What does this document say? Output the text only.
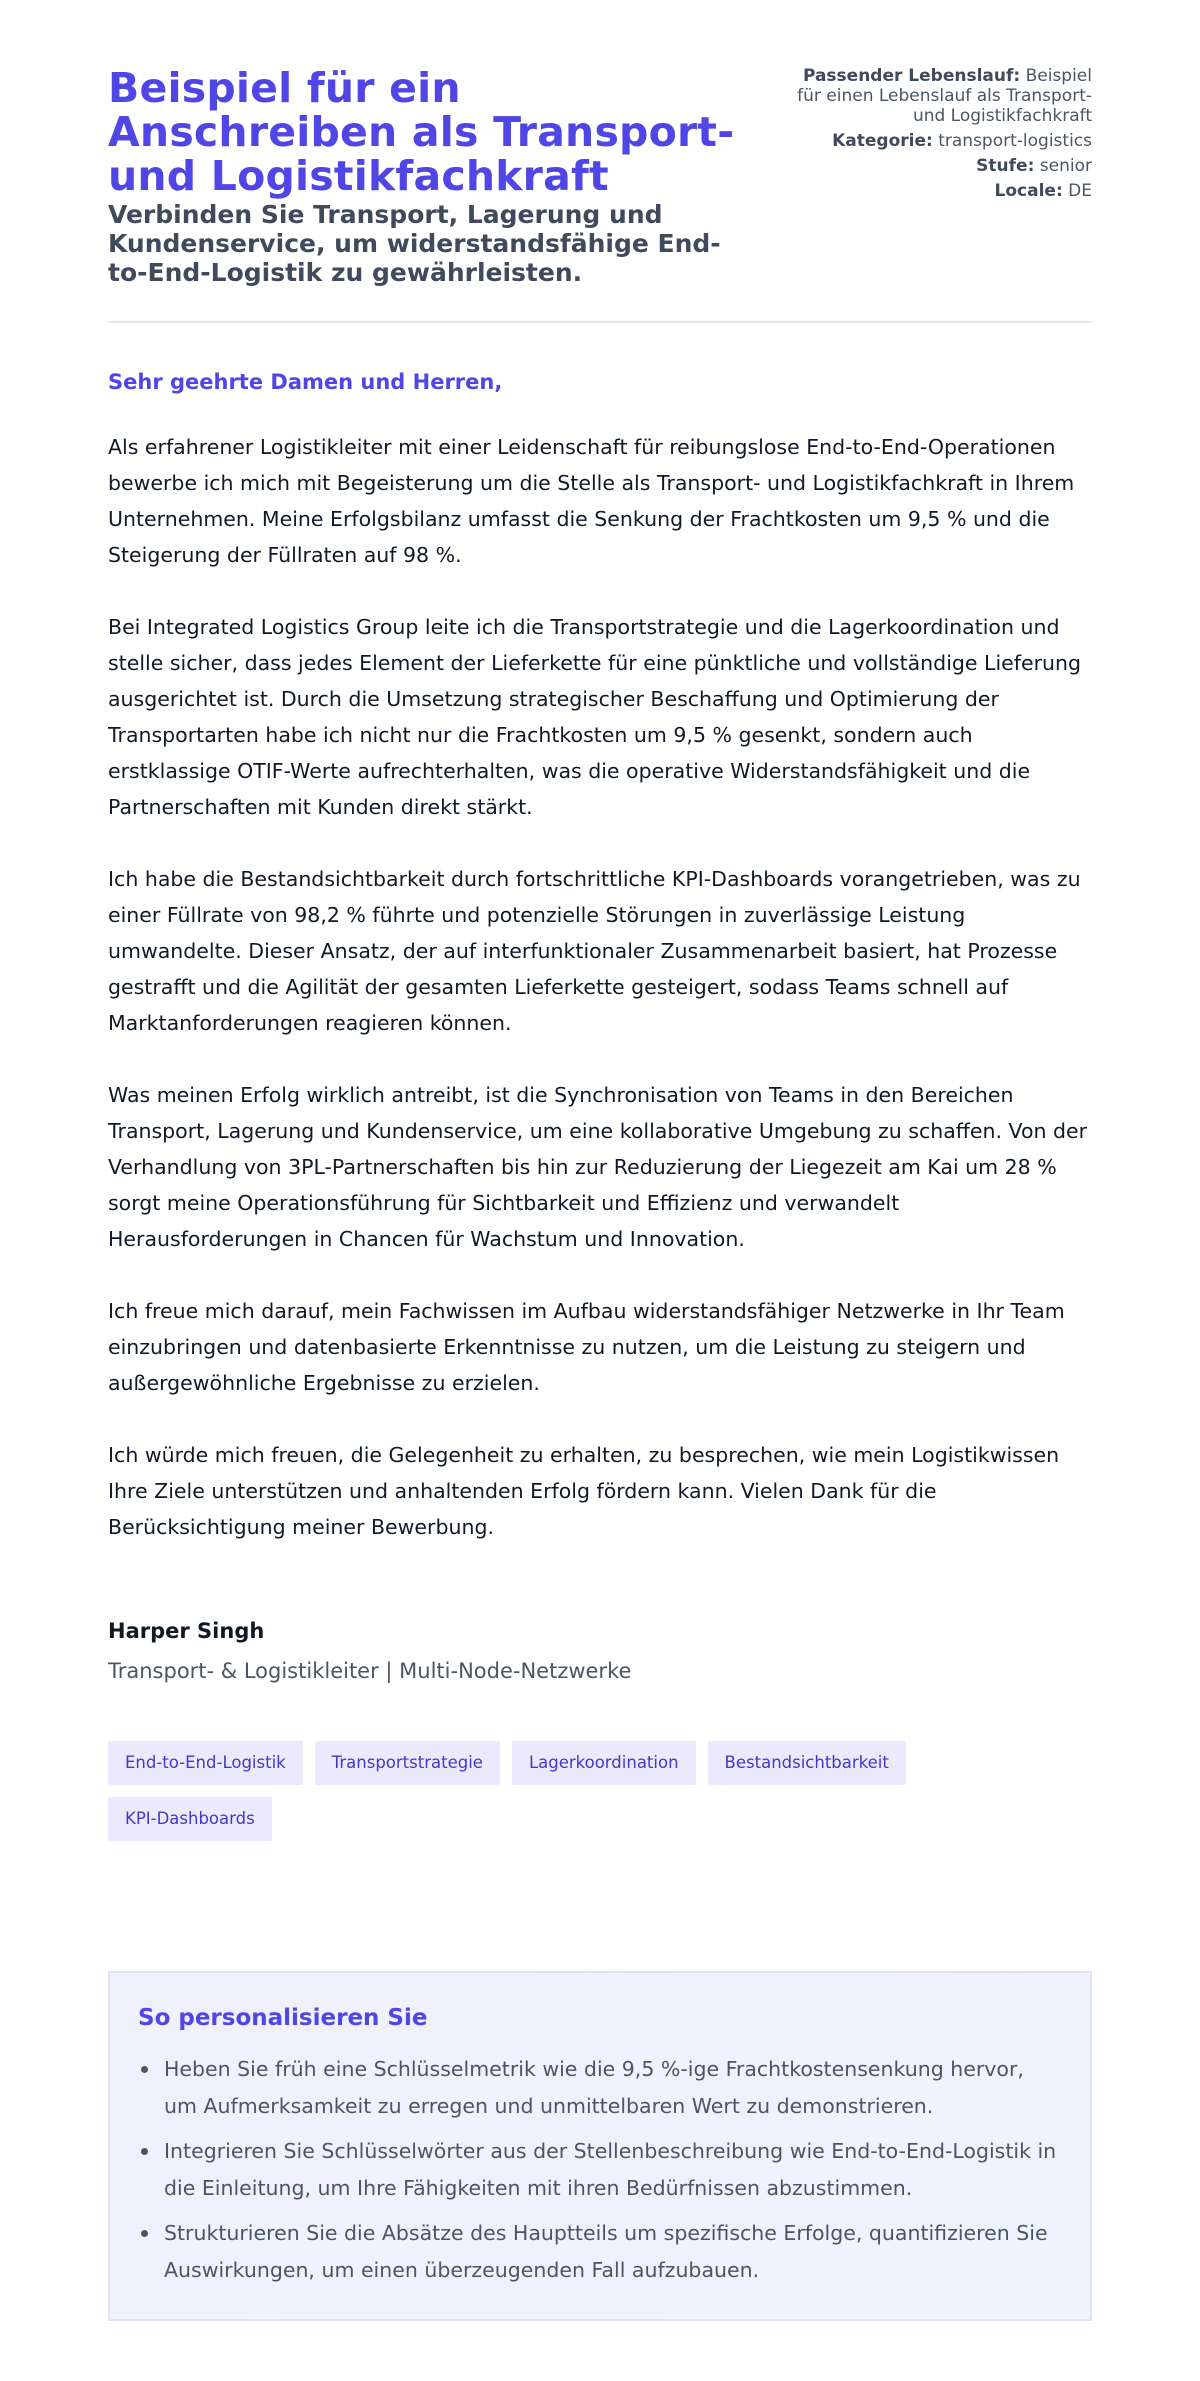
Beispiel für ein Anschreiben als Transport- und Logistikfachkraft
Verbinden Sie Transport, Lagerung und Kundenservice, um widerstandsfähige End-to-End-Logistik zu gewährleisten.
Passender Lebenslauf: Beispiel für einen Lebenslauf als Transport- und Logistikfachkraft
Kategorie: transport-logistics
Stufe: senior
Locale: DE

Sehr geehrte Damen und Herren,

Als erfahrener Logistikleiter mit einer Leidenschaft für reibungslose End-to-End-Operationen bewerbe ich mich mit Begeisterung um die Stelle als Transport- und Logistikfachkraft in Ihrem Unternehmen. Meine Erfolgsbilanz umfasst die Senkung der Frachtkosten um 9,5 % und die Steigerung der Füllraten auf 98 %.

Bei Integrated Logistics Group leite ich die Transportstrategie und die Lagerkoordination und stelle sicher, dass jedes Element der Lieferkette für eine pünktliche und vollständige Lieferung ausgerichtet ist. Durch die Umsetzung strategischer Beschaffung und Optimierung der Transportarten habe ich nicht nur die Frachtkosten um 9,5 % gesenkt, sondern auch erstklassige OTIF-Werte aufrechterhalten, was die operative Widerstandsfähigkeit und die Partnerschaften mit Kunden direkt stärkt.

Ich habe die Bestandsichtbarkeit durch fortschrittliche KPI-Dashboards vorangetrieben, was zu einer Füllrate von 98,2 % führte und potenzielle Störungen in zuverlässige Leistung umwandelte. Dieser Ansatz, der auf interfunktionaler Zusammenarbeit basiert, hat Prozesse gestrafft und die Agilität der gesamten Lieferkette gesteigert, sodass Teams schnell auf Marktanforderungen reagieren können.

Was meinen Erfolg wirklich antreibt, ist die Synchronisation von Teams in den Bereichen Transport, Lagerung und Kundenservice, um eine kollaborative Umgebung zu schaffen. Von der Verhandlung von 3PL-Partnerschaften bis hin zur Reduzierung der Liegezeit am Kai um 28 % sorgt meine Operationsführung für Sichtbarkeit und Effizienz und verwandelt Herausforderungen in Chancen für Wachstum und Innovation.

Ich freue mich darauf, mein Fachwissen im Aufbau widerstandsfähiger Netzwerke in Ihr Team einzubringen und datenbasierte Erkenntnisse zu nutzen, um die Leistung zu steigern und außergewöhnliche Ergebnisse zu erzielen.

Ich würde mich freuen, die Gelegenheit zu erhalten, zu besprechen, wie mein Logistikwissen Ihre Ziele unterstützen und anhaltenden Erfolg fördern kann. Vielen Dank für die Berücksichtigung meiner Bewerbung.

Harper Singh
Transport- & Logistikleiter | Multi-Node-Netzwerke
End-to-End-Logistik	Transportstrategie	Lagerkoordination	Bestandsichtbarkeit
KPI-Dashboards
So personalisieren Sie
Heben Sie früh eine Schlüsselmetrik wie die 9,5 %-ige Frachtkostensenkung hervor, um Aufmerksamkeit zu erregen und unmittelbaren Wert zu demonstrieren.
Integrieren Sie Schlüsselwörter aus der Stellenbeschreibung wie End-to-End-Logistik in die Einleitung, um Ihre Fähigkeiten mit ihren Bedürfnissen abzustimmen.
Strukturieren Sie die Absätze des Hauptteils um spezifische Erfolge, quantifizieren Sie Auswirkungen, um einen überzeugenden Fall aufzubauen.
